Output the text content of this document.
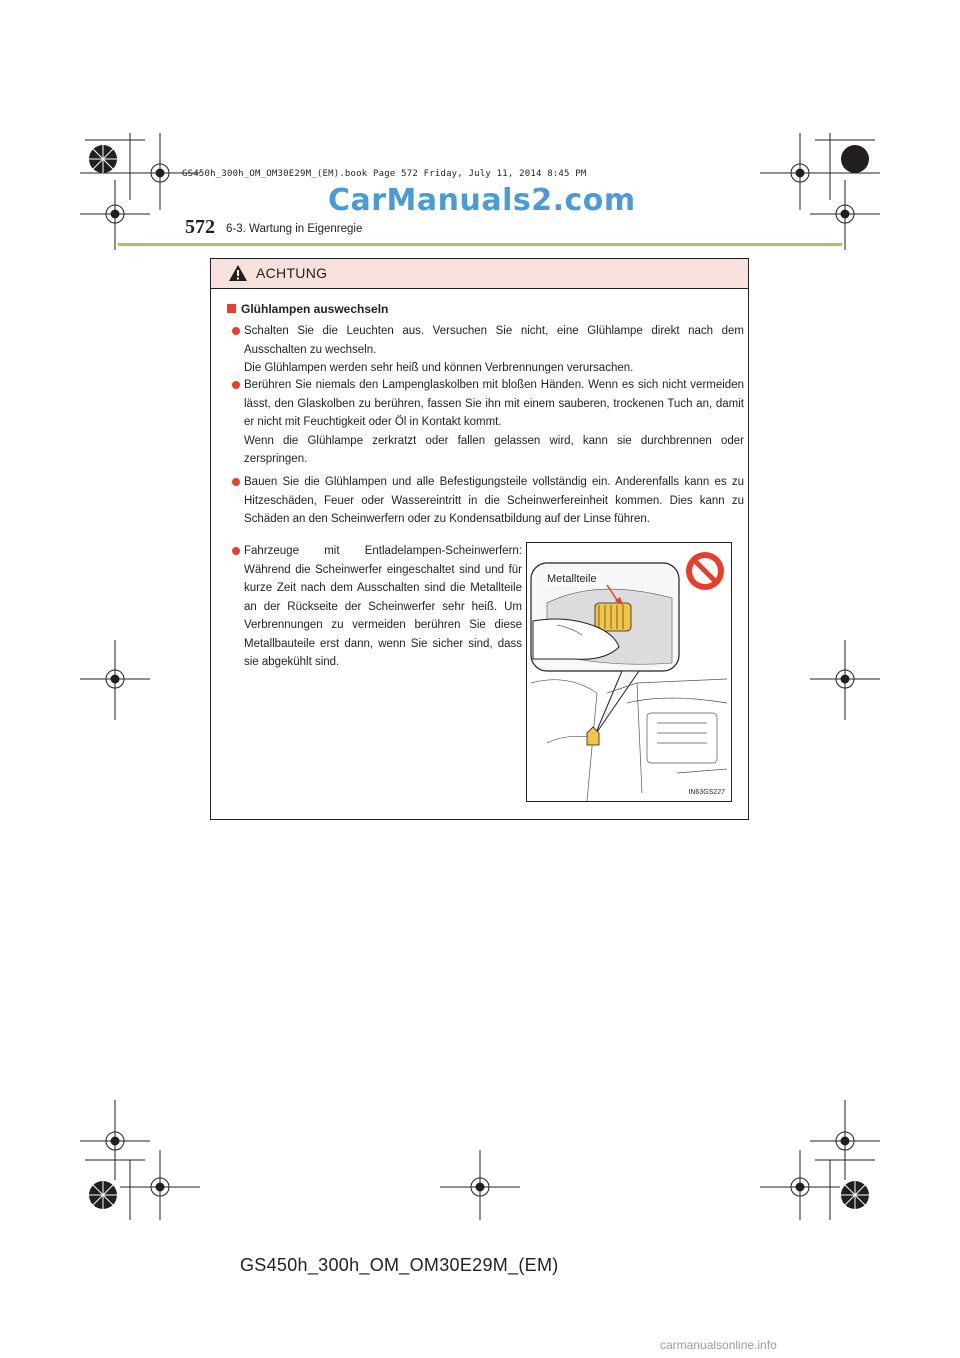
GS450h_300h_OM_OM30E29M_(EM).book Page 572 Friday, July 11, 2014 8:45 PM
CarManuals2.com
572 6-3. Wartung in Eigenregie
ACHTUNG
Glühlampen auswechseln

Schalten Sie die Leuchten aus. Versuchen Sie nicht, eine Glühlampe direkt nach dem Ausschalten zu wechseln.

Die Glühlampen werden sehr heiß und können Verbrennungen verursachen.

Berühren Sie niemals den Lampenglaskolben mit bloßen Händen. Wenn es sich nicht vermeiden lässt, den Glaskolben zu berühren, fassen Sie ihn mit einem sauberen, trockenen Tuch an, damit er nicht mit Feuchtigkeit oder Öl in Kontakt kommt.

Wenn die Glühlampe zerkratzt oder fallen gelassen wird, kann sie durchbrennen oder zerspringen.

Bauen Sie die Glühlampen und alle Befestigungsteile vollständig ein. Anderenfalls kann es zu Hitzeschäden, Feuer oder Wassereintritt in die Scheinwerfereinheit kommen. Dies kann zu Schäden an den Scheinwerfern oder zu Kondensatbildung auf der Linse führen.

Fahrzeuge mit Entladelampen-Scheinwerfern: Während die Scheinwerfer eingeschaltet sind und für kurze Zeit nach dem Ausschalten sind die Metallteile an der Rückseite der Scheinwerfer sehr heiß. Um Verbrennungen zu vermeiden berühren Sie diese Metallbauteile erst dann, wenn Sie sicher sind, dass sie abgekühlt sind.

Metallteile
IN63GS227
GS450h_300h_OM_OM30E29M_(EM)
carmanualsonline.info
